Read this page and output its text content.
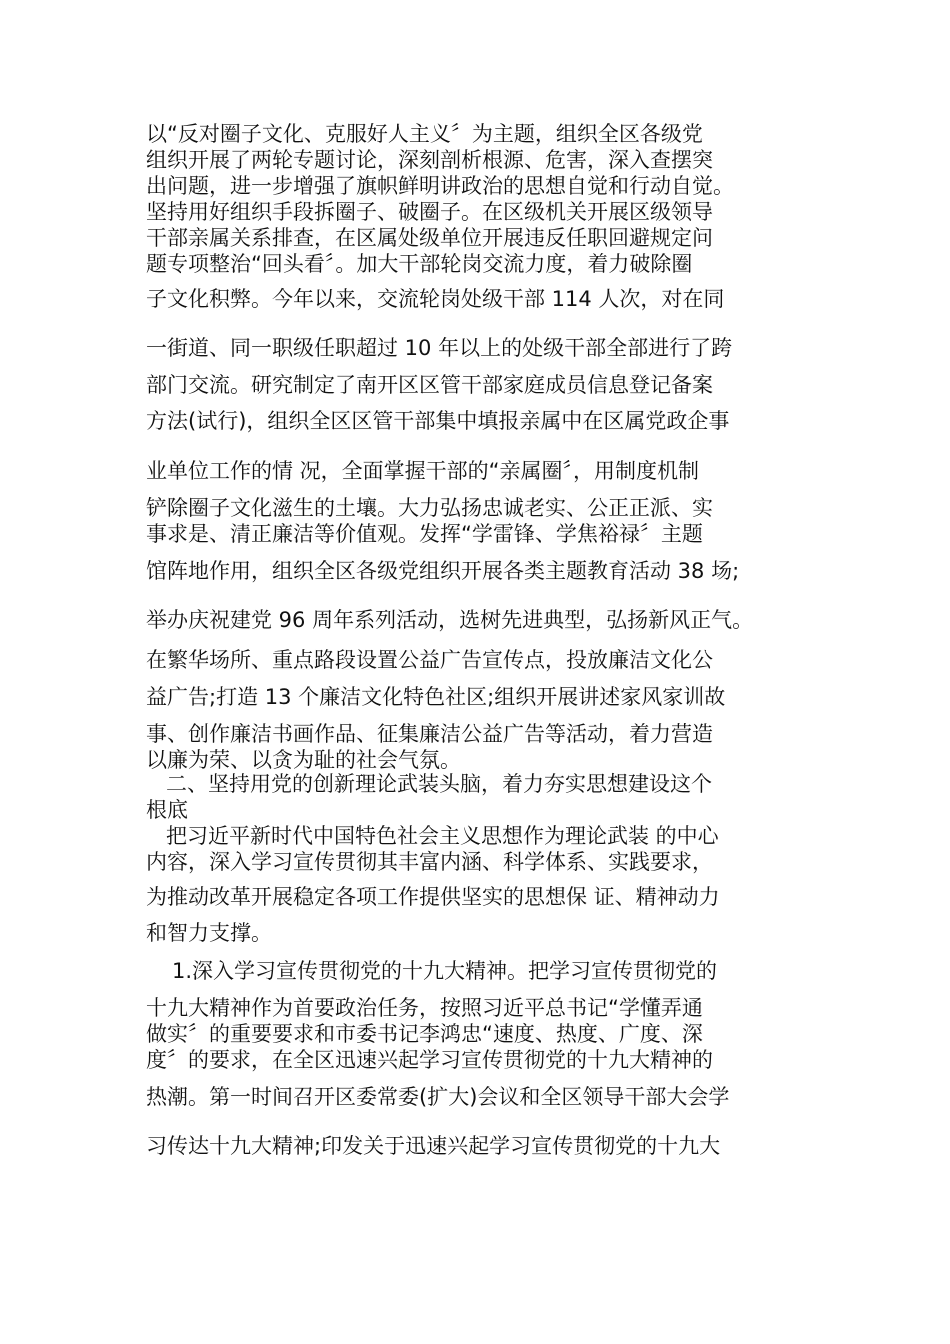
以“反对圈子文化、克服好人主义〞为主题，组织全区各级党

组织开展了两轮专题讨论，深刻剖析根源、危害，深入查摆突

出问题，进一步增强了旗帜鲜明讲政治的思想自觉和行动自觉。

坚持用好组织手段拆圈子、破圈子。在区级机关开展区级领导

干部亲属关系排查，在区属处级单位开展违反任职回避规定问

题专项整治“回头看〞。加大干部轮岗交流力度，着力破除圈

子文化积弊。今年以来，交流轮岗处级干部 114 人次，对在同

一街道、同一职级任职超过 10 年以上的处级干部全部进行了跨

部门交流。研究制定了南开区区管干部家庭成员信息登记备案

方法(试行)，组织全区区管干部集中填报亲属中在区属党政企事

业单位工作的情 况，全面掌握干部的“亲属圈〞，用制度机制

铲除圈子文化滋生的土壤。大力弘扬忠诚老实、公正正派、实

事求是、清正廉洁等价值观。发挥“学雷锋、学焦裕禄〞主题

馆阵地作用，组织全区各级党组织开展各类主题教育活动 38 场;

举办庆祝建党 96 周年系列活动，选树先进典型，弘扬新风正气。

在繁华场所、重点路段设置公益广告宣传点，投放廉洁文化公

益广告;打造 13 个廉洁文化特色社区;组织开展讲述家风家训故

事、创作廉洁书画作品、征集廉洁公益广告等活动，着力营造

以廉为荣、以贪为耻的社会气氛。

二、坚持用党的创新理论武装头脑，着力夯实思想建设这个

根底

把习近平新时代中国特色社会主义思想作为理论武装 的中心

内容，深入学习宣传贯彻其丰富内涵、科学体系、实践要求，

为推动改革开展稳定各项工作提供坚实的思想保 证、精神动力

和智力支撑。

1.深入学习宣传贯彻党的十九大精神。把学习宣传贯彻党的

十九大精神作为首要政治任务，按照习近平总书记“学懂弄通

做实〞的重要要求和市委书记李鸿忠“速度、热度、广度、深

度〞的要求，在全区迅速兴起学习宣传贯彻党的十九大精神的

热潮。第一时间召开区委常委(扩大)会议和全区领导干部大会学

习传达十九大精神;印发关于迅速兴起学习宣传贯彻党的十九大
